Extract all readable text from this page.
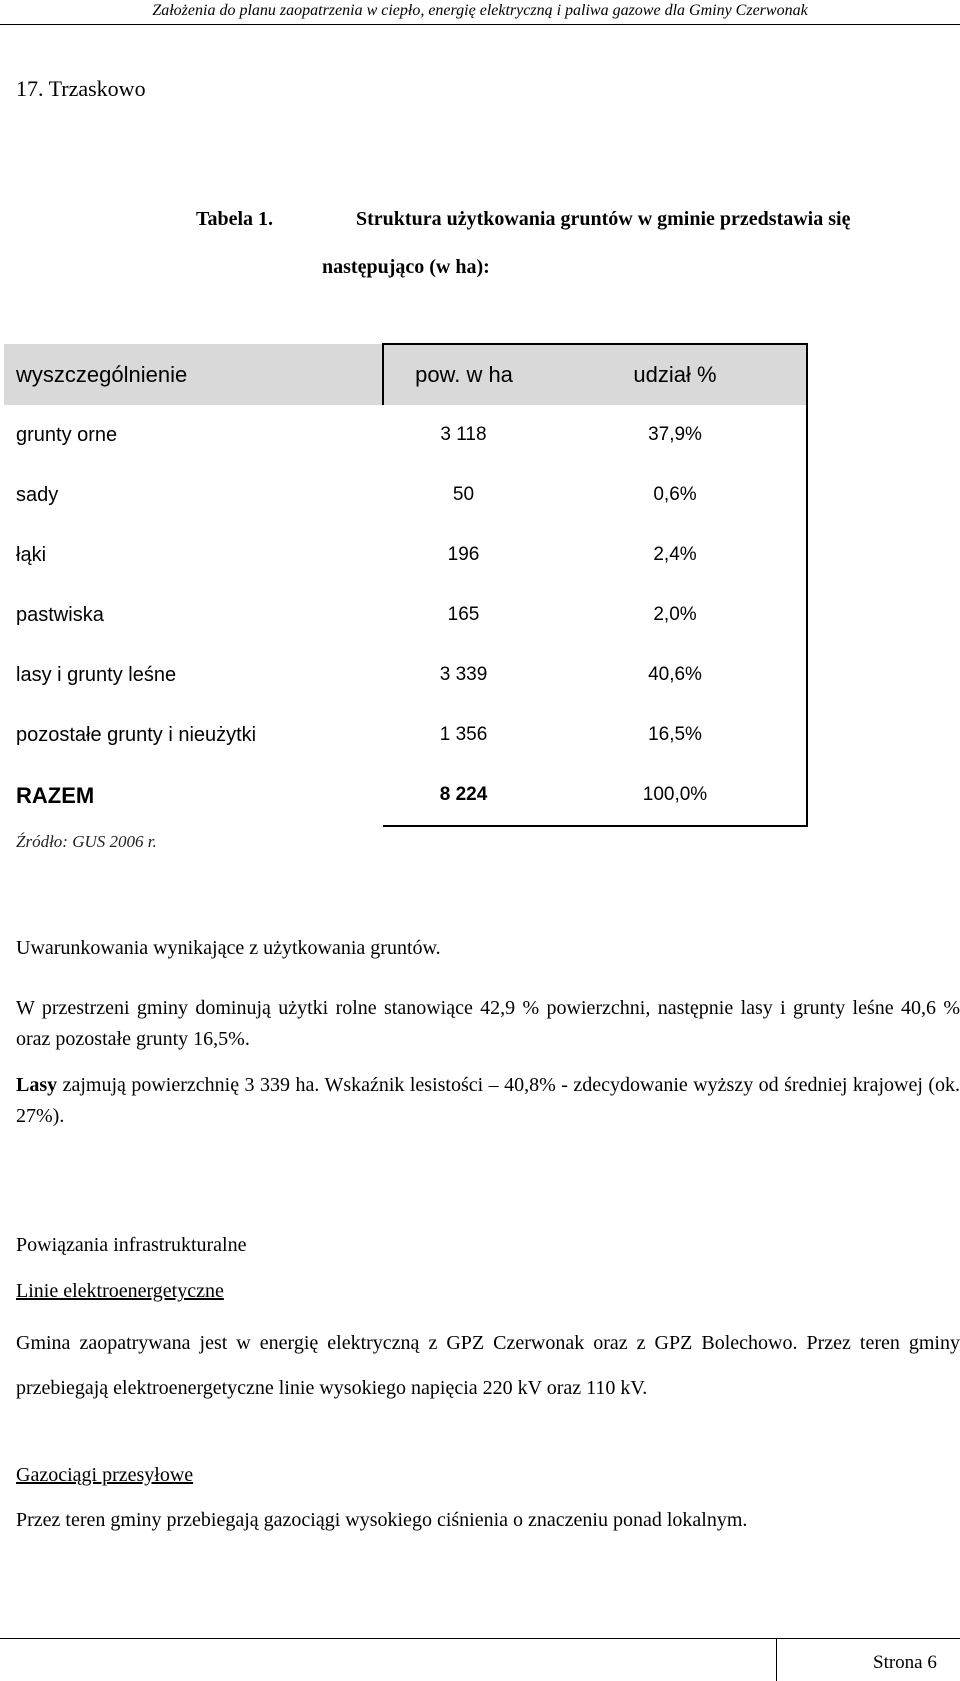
Założenia do planu zaopatrzenia w ciepło, energię elektryczną i paliwa gazowe dla Gminy Czerwonak
17. Trzaskowo
Tabela 1.	Struktura użytkowania gruntów w gminie przedstawia się
następująco (w ha):
wyszczególnienie	pow. w ha	udział %
grunty orne	3 118	37,9%
sady	50	0,6%
łąki	196	2,4%
pastwiska	165	2,0%
lasy i grunty leśne	3 339	40,6%
pozostałe grunty i nieużytki	1 356	16,5%
RAZEM	8 224	100,0%
Źródło: GUS 2006 r.

Uwarunkowania wynikające z użytkowania gruntów.

W przestrzeni gminy dominują użytki rolne stanowiące 42,9 % powierzchni, następnie lasy i grunty leśne 40,6 % oraz pozostałe grunty 16,5%.

Lasy zajmują powierzchnię 3 339 ha. Wskaźnik lesistości – 40,8% - zdecydowanie wyższy od średniej krajowej (ok. 27%).

Powiązania infrastrukturalne

Linie elektroenergetyczne

Gmina zaopatrywana jest w energię elektryczną z GPZ Czerwonak oraz z GPZ Bolechowo. Przez teren gminy przebiegają elektroenergetyczne linie wysokiego napięcia 220 kV oraz 110 kV.

Gazociągi przesyłowe

Przez teren gminy przebiegają gazociągi wysokiego ciśnienia o znaczeniu ponad lokalnym.

Strona 6
